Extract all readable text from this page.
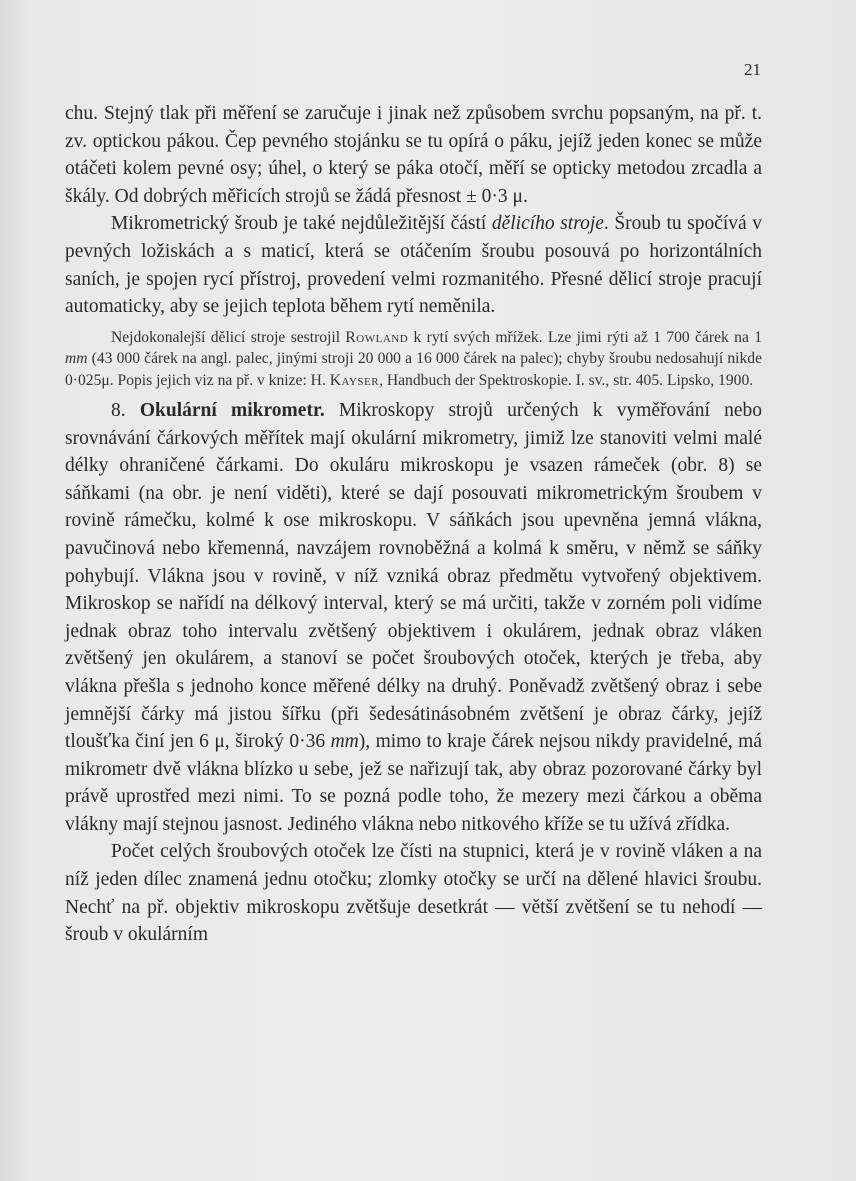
21

chu. Stejný tlak při měření se zaručuje i jinak než způsobem svrchu popsaným, na př. t. zv. optickou pákou. Čep pevného stojánku se tu opírá o páku, jejíž jeden konec se může otáčeti kolem pevné osy; úhel, o který se páka otočí, měří se opticky metodou zrcadla a škály. Od dobrých měřicích strojů se žádá přesnost ± 0·3 μ.

Mikrometrický šroub je také nejdůležitější částí dělicího stroje. Šroub tu spočívá v pevných ložiskách a s maticí, která se otáčením šroubu posouvá po horizontálních saních, je spojen rycí přístroj, provedení velmi rozmanitého. Přesné dělicí stroje pracují automaticky, aby se jejich teplota během rytí neměnila.

Nejdokonalejší dělicí stroje sestrojil Rowland k rytí svých mřížek. Lze jimi rýti až 1 700 čárek na 1 mm (43 000 čárek na angl. palec, jinými stroji 20 000 a 16 000 čárek na palec); chyby šroubu nedosahují nikde 0·025μ. Popis jejich viz na př. v knize: H. Kayser, Handbuch der Spektroskopie. I. sv., str. 405. Lipsko, 1900.

8. Okulární mikrometr. Mikroskopy strojů určených k vyměřování nebo srovnávání čárkových měřítek mají okulární mikrometry, jimiž lze stanoviti velmi malé délky ohraničené čárkami. Do okuláru mikroskopu je vsazen rámeček (obr. 8) se sáňkami (na obr. je není viděti), které se dají posouvati mikrometrickým šroubem v rovině rámečku, kolmé k ose mikroskopu. V sáňkách jsou upevněna jemná vlákna, pavučinová nebo křemenná, navzájem rovnoběžná a kolmá k směru, v němž se sáňky pohybují. Vlákna jsou v rovině, v níž vzniká obraz předmětu vytvořený objektivem. Mikroskop se nařídí na délkový interval, který se má určiti, takže v zorném poli vidíme jednak obraz toho intervalu zvětšený objektivem i okulárem, jednak obraz vláken zvětšený jen okulárem, a stanoví se počet šroubových otoček, kterých je třeba, aby vlákna přešla s jednoho konce měřené délky na druhý. Poněvadž zvětšený obraz i sebe jemnější čárky má jistou šířku (při šedesátinásobném zvětšení je obraz čárky, jejíž tloušťka činí jen 6 μ, široký 0·36 mm), mimo to kraje čárek nejsou nikdy pravidelné, má mikrometr dvě vlákna blízko u sebe, jež se nařizují tak, aby obraz pozorované čárky byl právě uprostřed mezi nimi. To se pozná podle toho, že mezery mezi čárkou a oběma vlákny mají stejnou jasnost. Jediného vlákna nebo nitkového kříže se tu užívá zřídka.

Počet celých šroubových otoček lze čísti na stupnici, která je v rovině vláken a na níž jeden dílec znamená jednu otočku; zlomky otočky se určí na dělené hlavici šroubu. Nechť na př. objektiv mikroskopu zvětšuje desetkrát — větší zvětšení se tu nehodí — šroub v okulárním
